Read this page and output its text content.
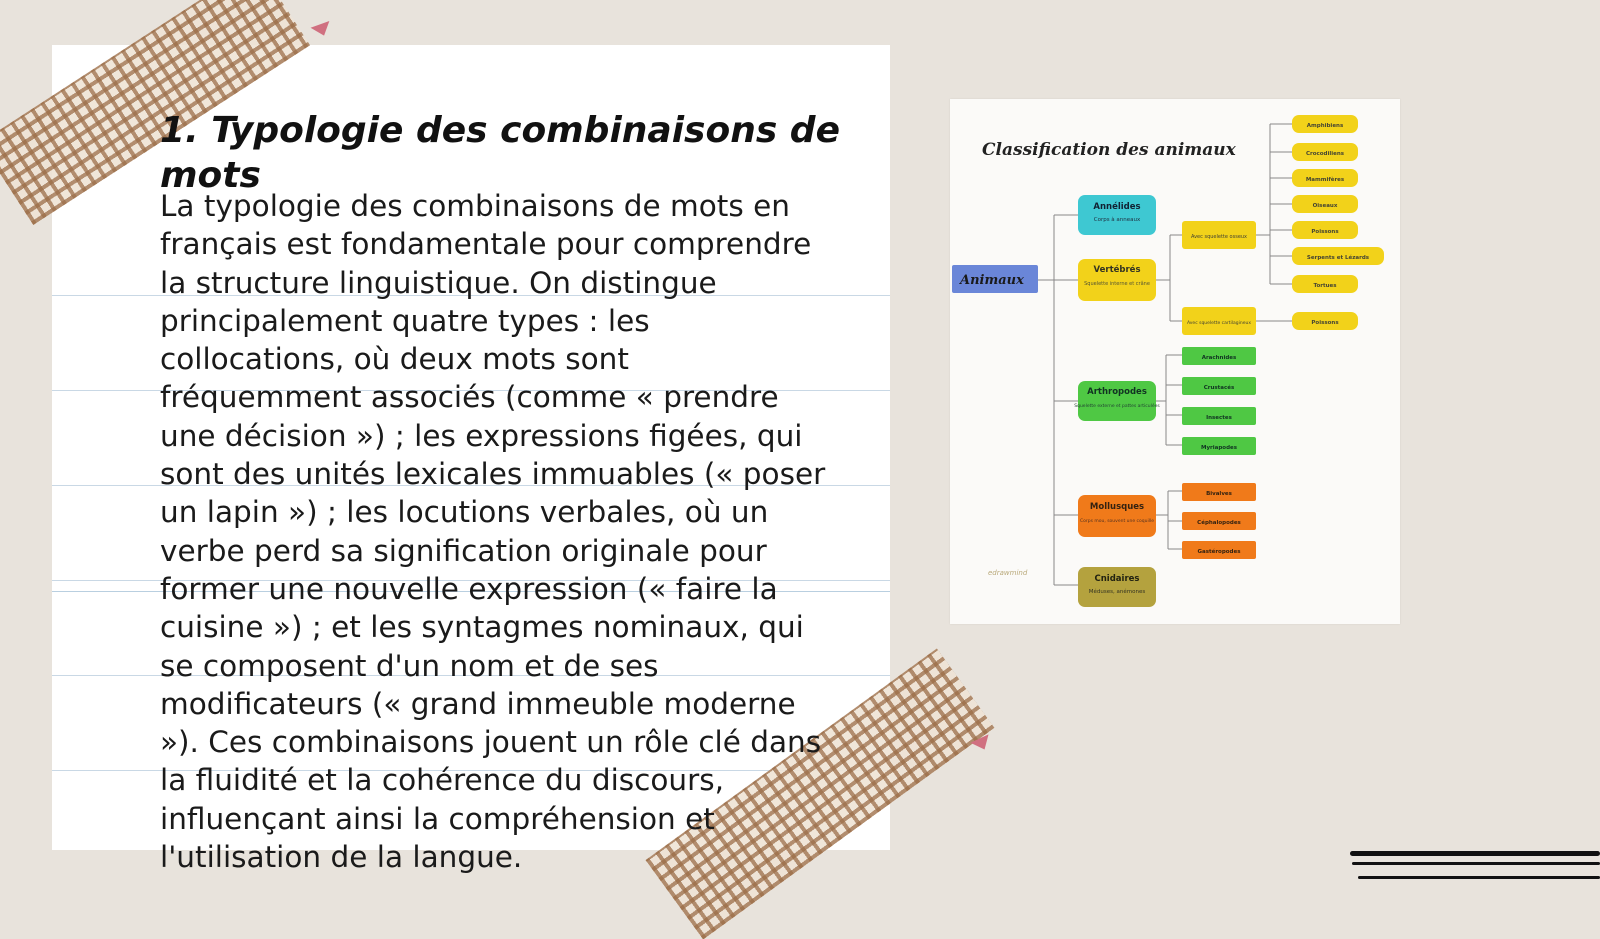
1. Typologie des combinaisons de mots

La typologie des combinaisons de mots en français est fondamentale pour comprendre la structure linguistique. On distingue principalement quatre types : les collocations, où deux mots sont fréquemment associés (comme « prendre une décision ») ; les expressions figées, qui sont des unités lexicales immuables (« poser un lapin ») ; les locutions verbales, où un verbe perd sa signification originale pour former une nouvelle expression (« faire la cuisine ») ; et les syntagmes nominaux, qui se composent d'un nom et de ses modificateurs (« grand immeuble moderne »). Ces combinaisons jouent un rôle clé dans la fluidité et la cohérence du discours, influençant ainsi la compréhension et l'utilisation de la langue.

Classification des animaux
Animaux
Annélides
Corps à anneaux
Vertébrés
Squelette interne et crâne
Arthropodes
Squelette externe et pattes articulées
Mollusques
Corps mou, souvent une coquille
Cnidaires
Méduses, anémones
Avec squelette osseux
Avec squelette cartilagineux
Amphibiens
Crocodiliens
Mammifères
Oiseaux
Poissons
Serpents et Lézards
Tortues
Poissons
Arachnides
Crustacés
Insectes
Myriapodes
Bivalves
Céphalopodes
Gastéropodes
edrawmind
